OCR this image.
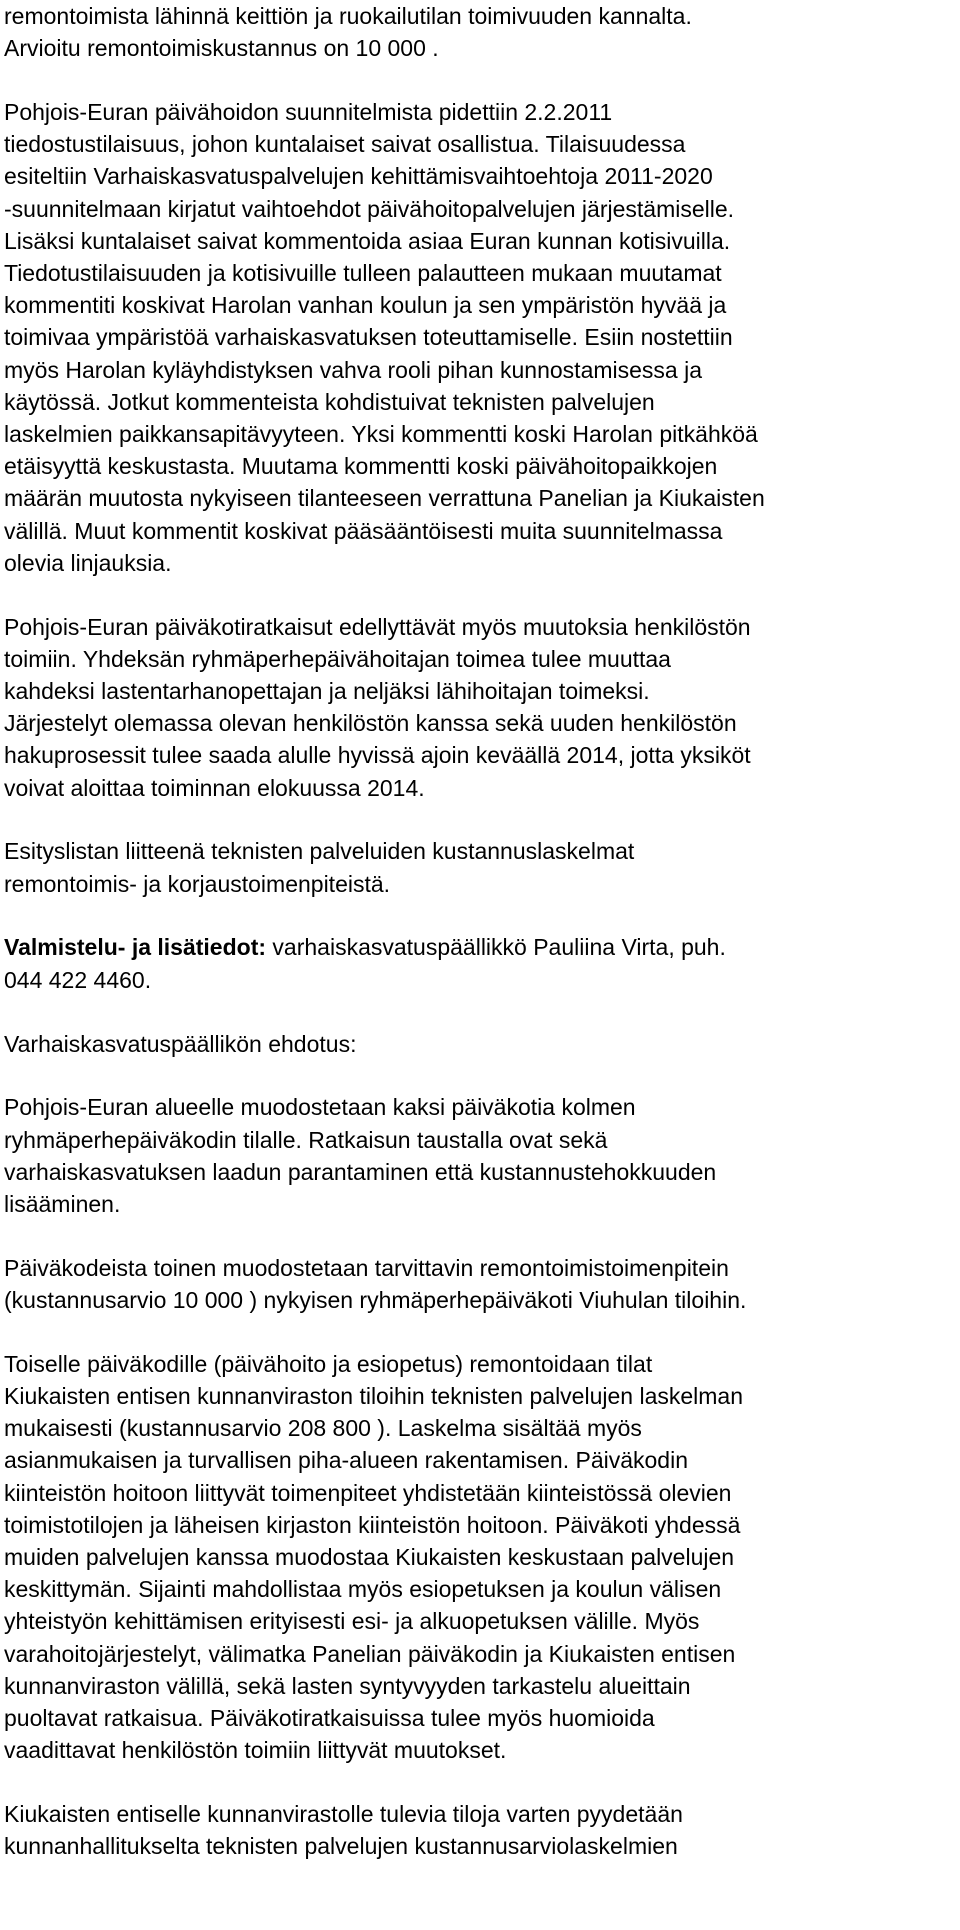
remontoimista lähinnä keittiön ja ruokailutilan toimivuuden kannalta.
Arvioitu remontoimiskustannus on 10 000 .
Pohjois-Euran päivähoidon suunnitelmista pidettiin 2.2.2011
tiedostustilaisuus, johon kuntalaiset saivat osallistua. Tilaisuudessa
esiteltiin Varhaiskasvatuspalvelujen kehittämisvaihtoehtoja 2011-2020
-suunnitelmaan kirjatut vaihtoehdot päivähoitopalvelujen järjestämiselle.
Lisäksi kuntalaiset saivat kommentoida asiaa Euran kunnan kotisivuilla.
Tiedotustilaisuuden ja kotisivuille tulleen palautteen mukaan muutamat
kommentiti koskivat Harolan vanhan koulun ja sen ympäristön hyvää ja
toimivaa ympäristöä varhaiskasvatuksen toteuttamiselle. Esiin nostettiin
myös Harolan kyläyhdistyksen vahva rooli pihan kunnostamisessa ja
käytössä. Jotkut kommenteista kohdistuivat teknisten palvelujen
laskelmien paikkansapitävyyteen. Yksi kommentti koski Harolan pitkähköä
etäisyyttä keskustasta. Muutama kommentti koski päivähoitopaikkojen
määrän muutosta nykyiseen tilanteeseen verrattuna Panelian ja Kiukaisten
välillä. Muut kommentit koskivat pääsääntöisesti muita suunnitelmassa
olevia linjauksia.
Pohjois-Euran päiväkotiratkaisut edellyttävät myös muutoksia henkilöstön
toimiin. Yhdeksän ryhmäperhepäivähoitajan toimea tulee muuttaa
kahdeksi lastentarhanopettajan ja neljäksi lähihoitajan toimeksi.
Järjestelyt olemassa olevan henkilöstön kanssa sekä uuden henkilöstön
hakuprosessit tulee saada alulle hyvissä ajoin keväällä 2014, jotta yksiköt
voivat aloittaa toiminnan elokuussa 2014.
Esityslistan liitteenä teknisten palveluiden kustannuslaskelmat
remontoimis- ja korjaustoimenpiteistä.
Valmistelu- ja lisätiedot: varhaiskasvatuspäällikkö Pauliina Virta, puh.
044 422 4460.
Varhaiskasvatuspäällikön ehdotus:
Pohjois-Euran alueelle muodostetaan kaksi päiväkotia kolmen
ryhmäperhepäiväkodin tilalle. Ratkaisun taustalla ovat sekä
varhaiskasvatuksen laadun parantaminen että kustannustehokkuuden
lisääminen.
Päiväkodeista toinen muodostetaan tarvittavin remontoimistoimenpitein
(kustannusarvio 10 000 ) nykyisen ryhmäperhepäiväkoti Viuhulan tiloihin.
Toiselle päiväkodille (päivähoito ja esiopetus) remontoidaan tilat
Kiukaisten entisen kunnanviraston tiloihin teknisten palvelujen laskelman
mukaisesti (kustannusarvio 208 800 ). Laskelma sisältää myös
asianmukaisen ja turvallisen piha-alueen rakentamisen. Päiväkodin
kiinteistön hoitoon liittyvät toimenpiteet yhdistetään kiinteistössä olevien
toimistotilojen ja läheisen kirjaston kiinteistön hoitoon. Päiväkoti yhdessä
muiden palvelujen kanssa muodostaa Kiukaisten keskustaan palvelujen
keskittymän. Sijainti mahdollistaa myös esiopetuksen ja koulun välisen
yhteistyön kehittämisen erityisesti esi- ja alkuopetuksen välille. Myös
varahoitojärjestelyt, välimatka Panelian päiväkodin ja Kiukaisten entisen
kunnanviraston välillä, sekä lasten syntyvyyden tarkastelu alueittain
puoltavat ratkaisua. Päiväkotiratkaisuissa tulee myös huomioida
vaadittavat henkilöstön toimiin liittyvät muutokset.
Kiukaisten entiselle kunnanvirastolle tulevia tiloja varten pyydetään
kunnanhallitukselta teknisten palvelujen kustannusarviolaskelmien
